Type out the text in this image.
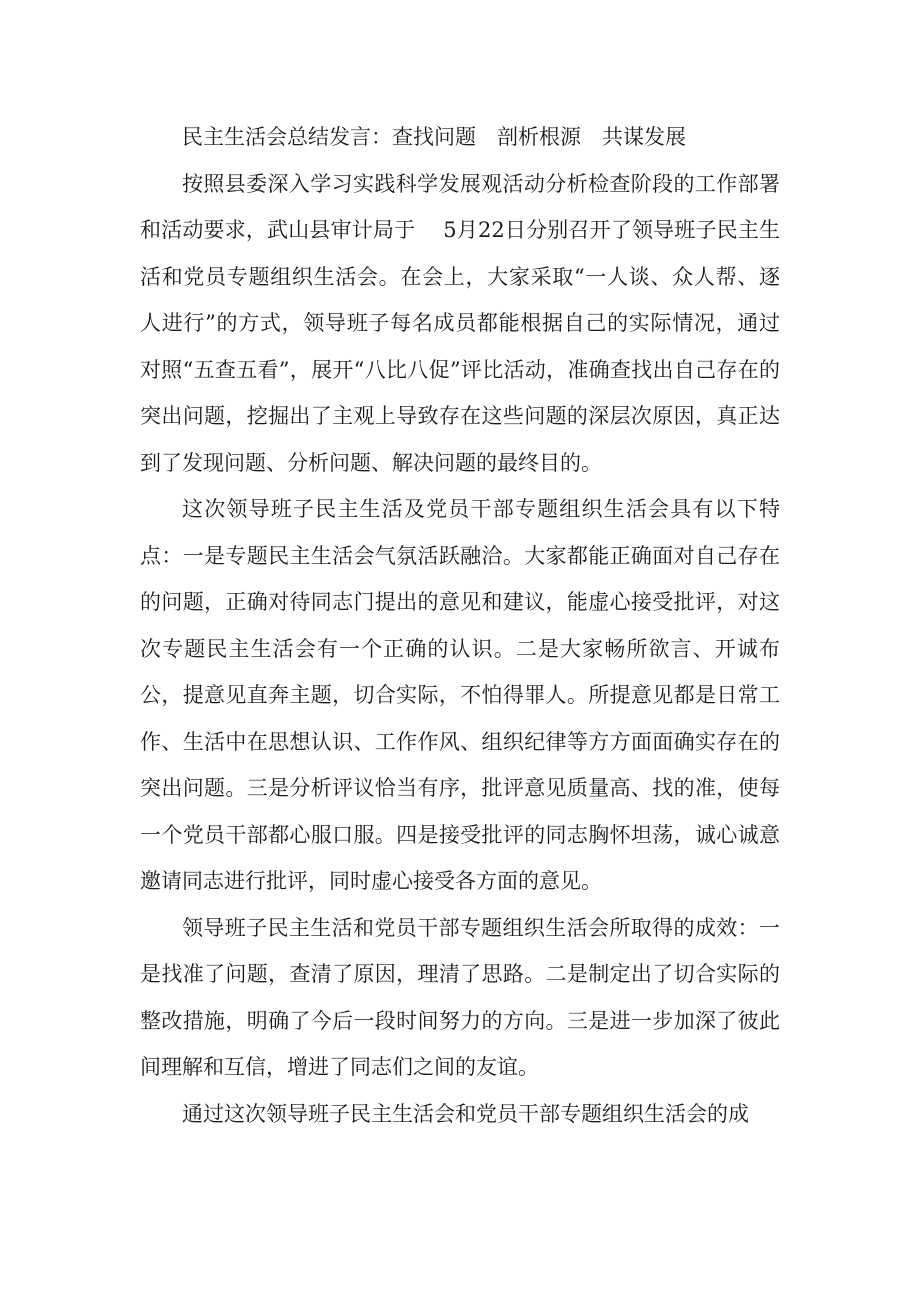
民主生活会总结发言：查找问题　剖析根源　共谋发展

按照县委深入学习实践科学发展观活动分析检查阶段的工作部署和活动要求，武山县审计局于　 5月22日分别召开了领导班子民主生活和党员专题组织生活会。在会上，大家采取“一人谈、众人帮、逐人进行”的方式，领导班子每名成员都能根据自己的实际情况，通过对照“五查五看”，展开“八比八促”评比活动，准确查找出自己存在的突出问题，挖掘出了主观上导致存在这些问题的深层次原因，真正达到了发现问题、分析问题、解决问题的最终目的。

这次领导班子民主生活及党员干部专题组织生活会具有以下特点：一是专题民主生活会气氛活跃融洽。大家都能正确面对自己存在的问题，正确对待同志门提出的意见和建议，能虚心接受批评，对这次专题民主生活会有一个正确的认识。二是大家畅所欲言、开诚布公，提意见直奔主题，切合实际，不怕得罪人。所提意见都是日常工作、生活中在思想认识、工作作风、组织纪律等方方面面确实存在的突出问题。三是分析评议恰当有序，批评意见质量高、找的准，使每一个党员干部都心服口服。四是接受批评的同志胸怀坦荡，诚心诚意邀请同志进行批评，同时虚心接受各方面的意见。

领导班子民主生活和党员干部专题组织生活会所取得的成效：一是找准了问题，查清了原因，理清了思路。二是制定出了切合实际的整改措施，明确了今后一段时间努力的方向。三是进一步加深了彼此间理解和互信，增进了同志们之间的友谊。

通过这次领导班子民主生活会和党员干部专题组织生活会的成
